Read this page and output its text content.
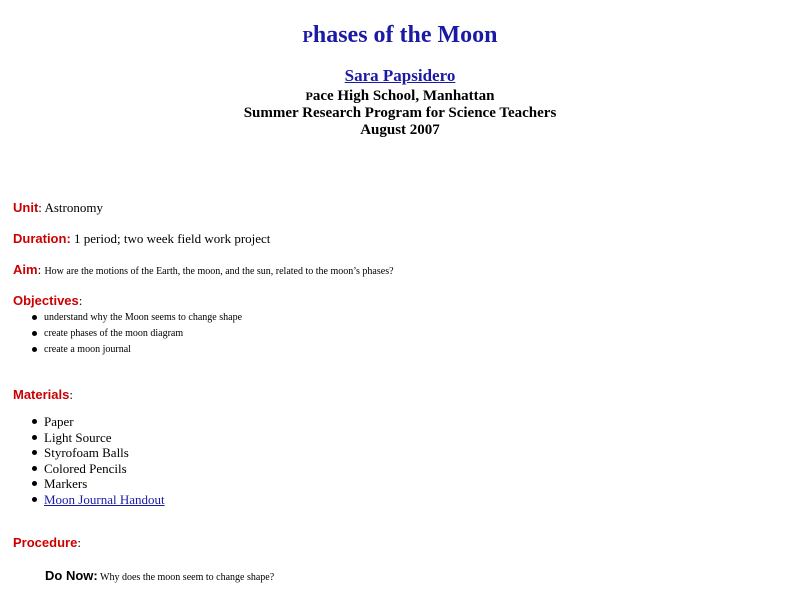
Phases of the Moon
Sara Papsidero
Pace High School, Manhattan
Summer Research Program for Science Teachers
August 2007
Unit: Astronomy
Duration: 1 period; two week field work project
Aim: How are the motions of the Earth, the moon, and the sun, related to the moon’s phases?
Objectives:
understand why the Moon seems to change shape
create phases of the moon diagram
create a moon journal
Materials:
Paper
Light Source
Styrofoam Balls
Colored Pencils
Markers
Moon Journal Handout
Procedure:
Do Now: Why does the moon seem to change shape?
